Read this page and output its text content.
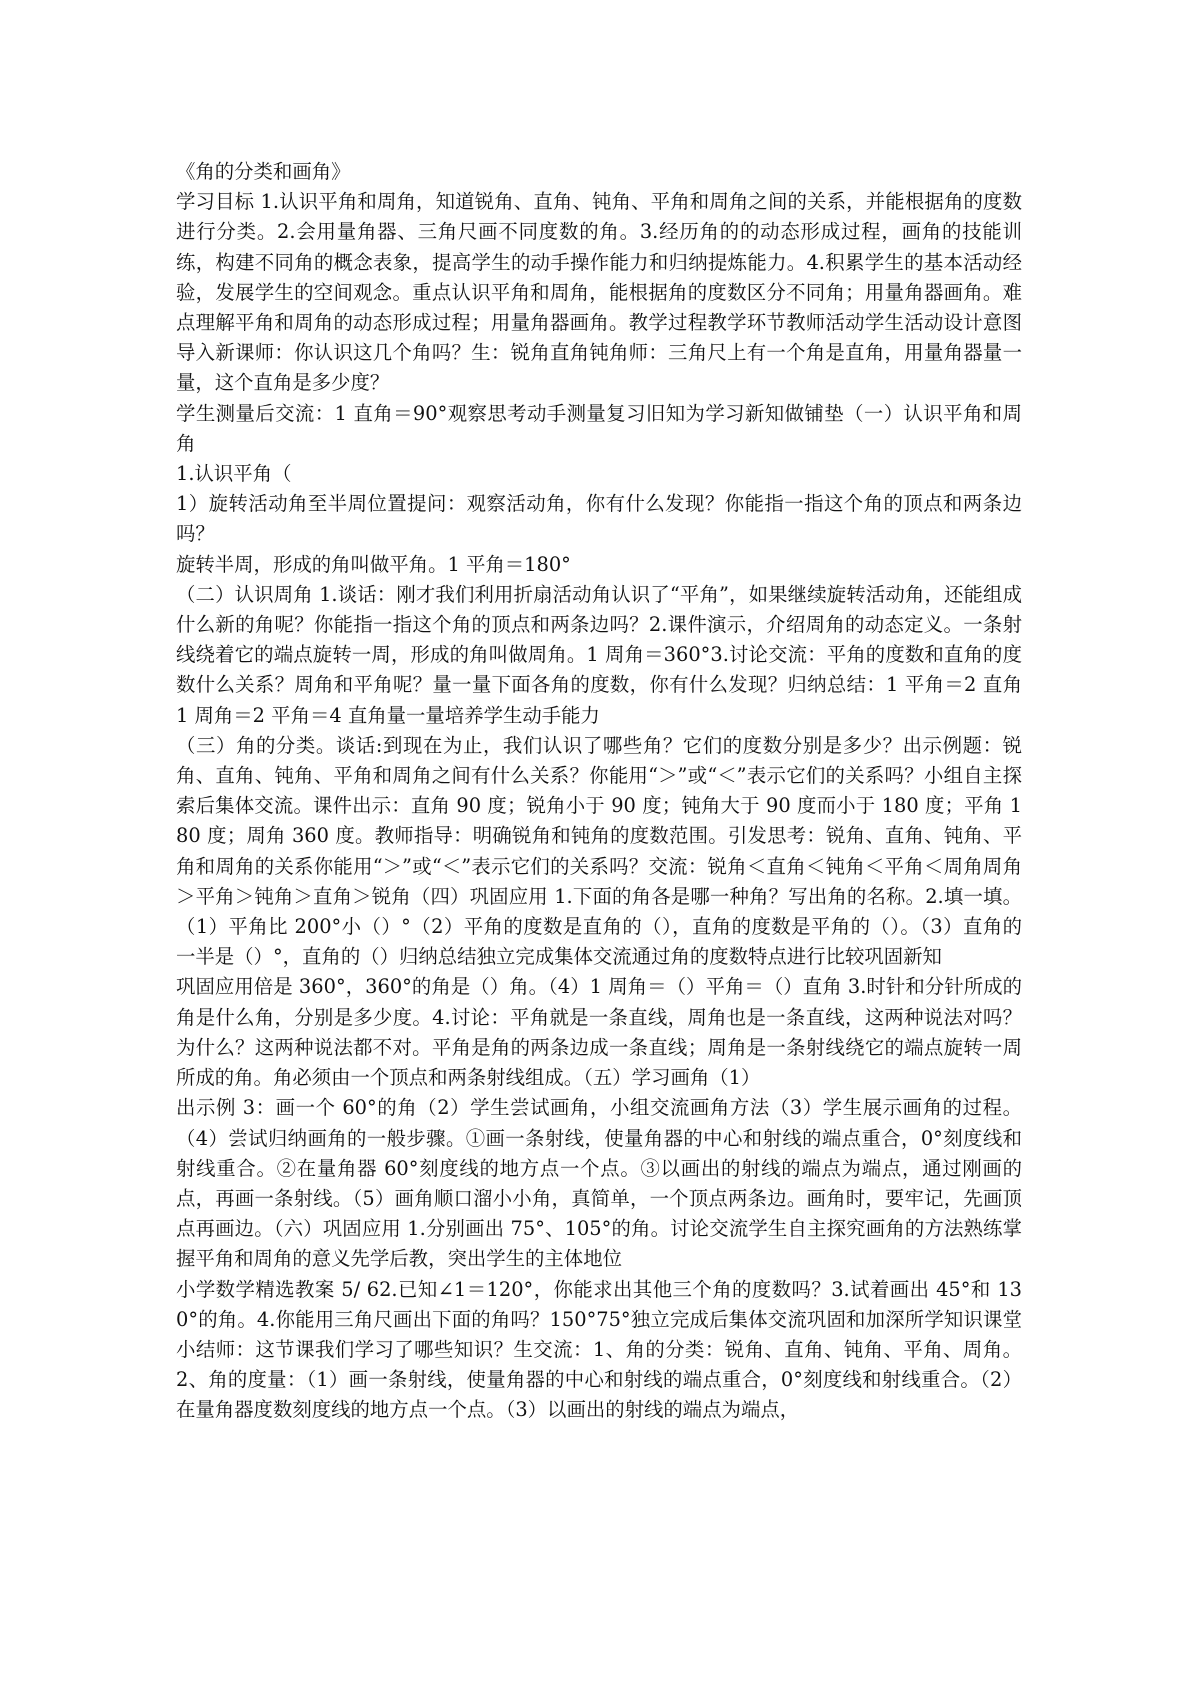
《角的分类和画角》

学习目标 1.认识平角和周角，知道锐角、直角、钝角、平角和周角之间的关系，并能根据角的度数进行分类。2.会用量角器、三角尺画不同度数的角。3.经历角的的动态形成过程，画角的技能训练，构建不同角的概念表象，提高学生的动手操作能力和归纳提炼能力。4.积累学生的基本活动经验，发展学生的空间观念。重点认识平角和周角，能根据角的度数区分不同角；用量角器画角。难点理解平角和周角的动态形成过程；用量角器画角。教学过程教学环节教师活动学生活动设计意图导入新课师：你认识这几个角吗？生：锐角直角钝角师：三角尺上有一个角是直角，用量角器量一量，这个直角是多少度？

学生测量后交流：1 直角＝90°观察思考动手测量复习旧知为学习新知做铺垫（一）认识平角和周角

1.认识平角（

1）旋转活动角至半周位置提问：观察活动角，你有什么发现？你能指一指这个角的顶点和两条边吗？

旋转半周，形成的角叫做平角。1 平角＝180°

（二）认识周角 1.谈话：刚才我们利用折扇活动角认识了“平角”，如果继续旋转活动角，还能组成什么新的角呢？你能指一指这个角的顶点和两条边吗？2.课件演示，介绍周角的动态定义。一条射线绕着它的端点旋转一周，形成的角叫做周角。1 周角＝360°3.讨论交流：平角的度数和直角的度数什么关系？周角和平角呢？量一量下面各角的度数，你有什么发现？归纳总结：1 平角＝2 直角 1 周角＝2 平角＝4 直角量一量培养学生动手能力

（三）角的分类。谈话:到现在为止，我们认识了哪些角？它们的度数分别是多少？出示例题：锐角、直角、钝角、平角和周角之间有什么关系？你能用“＞”或“＜”表示它们的关系吗？小组自主探索后集体交流。课件出示：直角 90 度；锐角小于 90 度；钝角大于 90 度而小于 180 度；平角 180 度；周角 360 度。教师指导：明确锐角和钝角的度数范围。引发思考：锐角、直角、钝角、平角和周角的关系你能用“＞”或“＜”表示它们的关系吗？交流：锐角＜直角＜钝角＜平角＜周角周角＞平角＞钝角＞直角＞锐角（四）巩固应用 1.下面的角各是哪一种角？写出角的名称。2.填一填。（1）平角比 200°小（）°（2）平角的度数是直角的（），直角的度数是平角的（）。（3）直角的一半是（）°，直角的（）归纳总结独立完成集体交流通过角的度数特点进行比较巩固新知

巩固应用倍是 360°，360°的角是（）角。（4）1 周角＝（）平角＝（）直角 3.时针和分针所成的角是什么角，分别是多少度。4.讨论：平角就是一条直线，周角也是一条直线，这两种说法对吗？为什么？这两种说法都不对。平角是角的两条边成一条直线；周角是一条射线绕它的端点旋转一周所成的角。角必须由一个顶点和两条射线组成。（五）学习画角（1）

出示例 3：画一个 60°的角（2）学生尝试画角，小组交流画角方法（3）学生展示画角的过程。（4）尝试归纳画角的一般步骤。①画一条射线，使量角器的中心和射线的端点重合，0°刻度线和射线重合。②在量角器 60°刻度线的地方点一个点。③以画出的射线的端点为端点，通过刚画的点，再画一条射线。（5）画角顺口溜小小角，真简单，一个顶点两条边。画角时，要牢记，先画顶点再画边。（六）巩固应用 1.分别画出 75°、105°的角。讨论交流学生自主探究画角的方法熟练掌握平角和周角的意义先学后教，突出学生的主体地位

小学数学精选教案 5/ 62.已知∠1＝120°，你能求出其他三个角的度数吗？3.试着画出 45°和 130°的角。4.你能用三角尺画出下面的角吗？150°75°独立完成后集体交流巩固和加深所学知识课堂小结师：这节课我们学习了哪些知识？生交流：1、角的分类：锐角、直角、钝角、平角、周角。2、角的度量：（1）画一条射线，使量角器的中心和射线的端点重合，0°刻度线和射线重合。（2）在量角器度数刻度线的地方点一个点。（3）以画出的射线的端点为端点，
